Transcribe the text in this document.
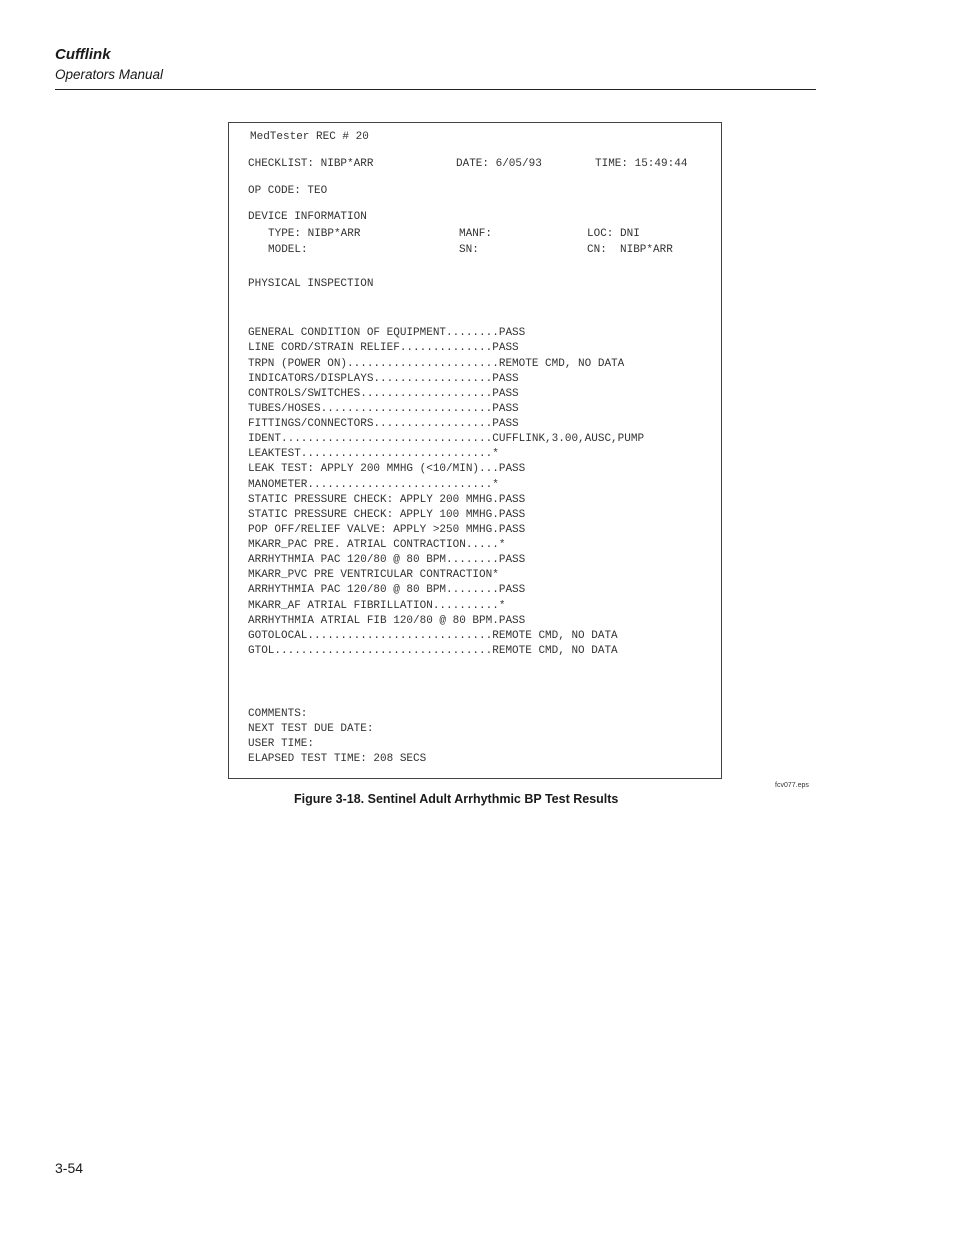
Cufflink
Operators Manual
MedTester REC # 20
CHECKLIST: NIBP*ARR	DATE: 6/05/93	TIME: 15:49:44
OP CODE: TEO
DEVICE INFORMATION
TYPE: NIBP*ARR	MANF:	LOC: DNI
MODEL:	SN:	CN:  NIBP*ARR
PHYSICAL INSPECTION
GENERAL CONDITION OF EQUIPMENT........PASS
LINE CORD/STRAIN RELIEF..............PASS
TRPN (POWER ON).......................REMOTE CMD, NO DATA
INDICATORS/DISPLAYS..................PASS
CONTROLS/SWITCHES....................PASS
TUBES/HOSES..........................PASS
FITTINGS/CONNECTORS..................PASS
IDENT................................CUFFLINK,3.00,AUSC,PUMP
LEAKTEST.............................*
LEAK TEST: APPLY 200 MMHG (<10/MIN)...PASS
MANOMETER............................*
STATIC PRESSURE CHECK: APPLY 200 MMHG.PASS
STATIC PRESSURE CHECK: APPLY 100 MMHG.PASS
POP OFF/RELIEF VALVE: APPLY >250 MMHG.PASS
MKARR_PAC PRE. ATRIAL CONTRACTION.....*
ARRHYTHMIA PAC 120/80 @ 80 BPM........PASS
MKARR_PVC PRE VENTRICULAR CONTRACTION*
ARRHYTHMIA PAC 120/80 @ 80 BPM........PASS
MKARR_AF ATRIAL FIBRILLATION..........*
ARRHYTHMIA ATRIAL FIB 120/80 @ 80 BPM.PASS
GOTOLOCAL............................REMOTE CMD, NO DATA
GTOL.................................REMOTE CMD, NO DATA
COMMENTS:
NEXT TEST DUE DATE:
USER TIME:
ELAPSED TEST TIME: 208 SECS
fcv077.eps
Figure 3-18. Sentinel Adult Arrhythmic BP Test Results
3-54
